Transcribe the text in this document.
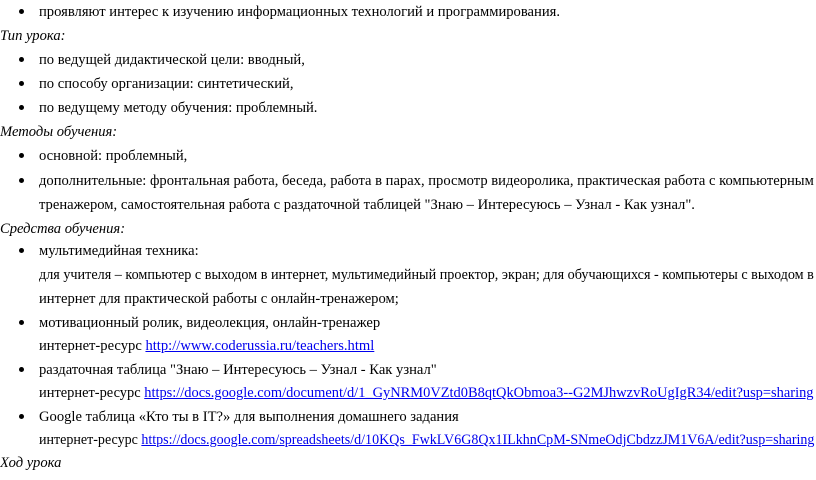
проявляют интерес к изучению информационных технологий и программирования.
Тип урока:
по ведущей дидактической цели: вводный,
по способу организации: синтетический,
по ведущему методу обучения: проблемный.
Методы обучения:
основной: проблемный,
дополнительные: фронтальная работа, беседа, работа в парах, просмотр видеоролика, практическая работа с компьютерным
тренажером, самостоятельная работа с раздаточной таблицей "Знаю – Интересуюсь – Узнал - Как узнал".
Средства обучения:
мультимедийная техника:
для учителя – компьютер с выходом в интернет, мультимедийный проектор, экран; для обучающихся - компьютеры с выходом в
интернет для практической работы с онлайн-тренажером;
мотивационный ролик, видеолекция, онлайн-тренажер
интернет-ресурс http://www.coderussia.ru/teachers.html
раздаточная таблица "Знаю – Интересуюсь – Узнал - Как узнал"
интернет-ресурс https://docs.google.com/document/d/1_GyNRM0VZtd0B8qtQkObmoa3--G2MJhwzvRoUgIgR34/edit?usp=sharing
Google таблица «Кто ты в IT?» для выполнения домашнего задания
интернет-ресурс https://docs.google.com/spreadsheets/d/10KQs_FwkLV6G8Qx1ILkhnCpM-SNmeOdjCbdzzJM1V6A/edit?usp=sharing
Ход урока
